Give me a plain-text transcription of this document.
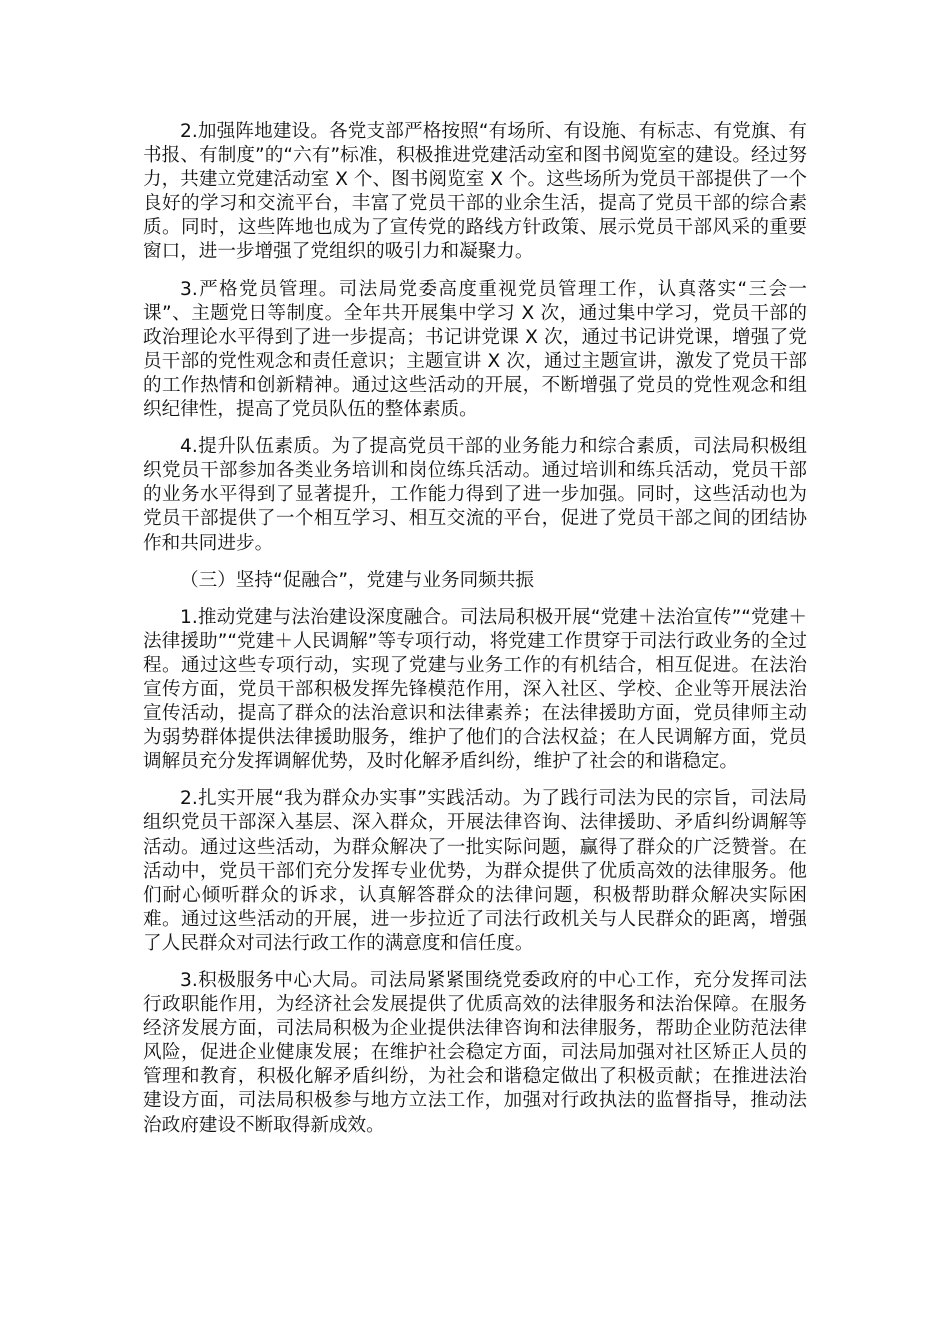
2.加强阵地建设。各党支部严格按照“有场所、有设施、有标志、有党旗、有书报、有制度”的“六有”标准，积极推进党建活动室和图书阅览室的建设。经过努力，共建立党建活动室 X 个、图书阅览室 X 个。这些场所为党员干部提供了一个良好的学习和交流平台，丰富了党员干部的业余生活，提高了党员干部的综合素质。同时，这些阵地也成为了宣传党的路线方针政策、展示党员干部风采的重要窗口，进一步增强了党组织的吸引力和凝聚力。

3.严格党员管理。司法局党委高度重视党员管理工作，认真落实“三会一课”、主题党日等制度。全年共开展集中学习 X 次，通过集中学习，党员干部的政治理论水平得到了进一步提高；书记讲党课 X 次，通过书记讲党课，增强了党员干部的党性观念和责任意识；主题宣讲 X 次，通过主题宣讲，激发了党员干部的工作热情和创新精神。通过这些活动的开展，不断增强了党员的党性观念和组织纪律性，提高了党员队伍的整体素质。

4.提升队伍素质。为了提高党员干部的业务能力和综合素质，司法局积极组织党员干部参加各类业务培训和岗位练兵活动。通过培训和练兵活动，党员干部的业务水平得到了显著提升，工作能力得到了进一步加强。同时，这些活动也为党员干部提供了一个相互学习、相互交流的平台，促进了党员干部之间的团结协作和共同进步。

（三）坚持“促融合”，党建与业务同频共振

1.推动党建与法治建设深度融合。司法局积极开展“党建＋法治宣传”“党建＋法律援助”“党建＋人民调解”等专项行动，将党建工作贯穿于司法行政业务的全过程。通过这些专项行动，实现了党建与业务工作的有机结合，相互促进。在法治宣传方面，党员干部积极发挥先锋模范作用，深入社区、学校、企业等开展法治宣传活动，提高了群众的法治意识和法律素养；在法律援助方面，党员律师主动为弱势群体提供法律援助服务，维护了他们的合法权益；在人民调解方面，党员调解员充分发挥调解优势，及时化解矛盾纠纷，维护了社会的和谐稳定。

2.扎实开展“我为群众办实事”实践活动。为了践行司法为民的宗旨，司法局组织党员干部深入基层、深入群众，开展法律咨询、法律援助、矛盾纠纷调解等活动。通过这些活动，为群众解决了一批实际问题，赢得了群众的广泛赞誉。在活动中，党员干部们充分发挥专业优势，为群众提供了优质高效的法律服务。他们耐心倾听群众的诉求，认真解答群众的法律问题，积极帮助群众解决实际困难。通过这些活动的开展，进一步拉近了司法行政机关与人民群众的距离，增强了人民群众对司法行政工作的满意度和信任度。

3.积极服务中心大局。司法局紧紧围绕党委政府的中心工作，充分发挥司法行政职能作用，为经济社会发展提供了优质高效的法律服务和法治保障。在服务经济发展方面，司法局积极为企业提供法律咨询和法律服务，帮助企业防范法律风险，促进企业健康发展；在维护社会稳定方面，司法局加强对社区矫正人员的管理和教育，积极化解矛盾纠纷，为社会和谐稳定做出了积极贡献；在推进法治建设方面，司法局积极参与地方立法工作，加强对行政执法的监督指导，推动法治政府建设不断取得新成效。
